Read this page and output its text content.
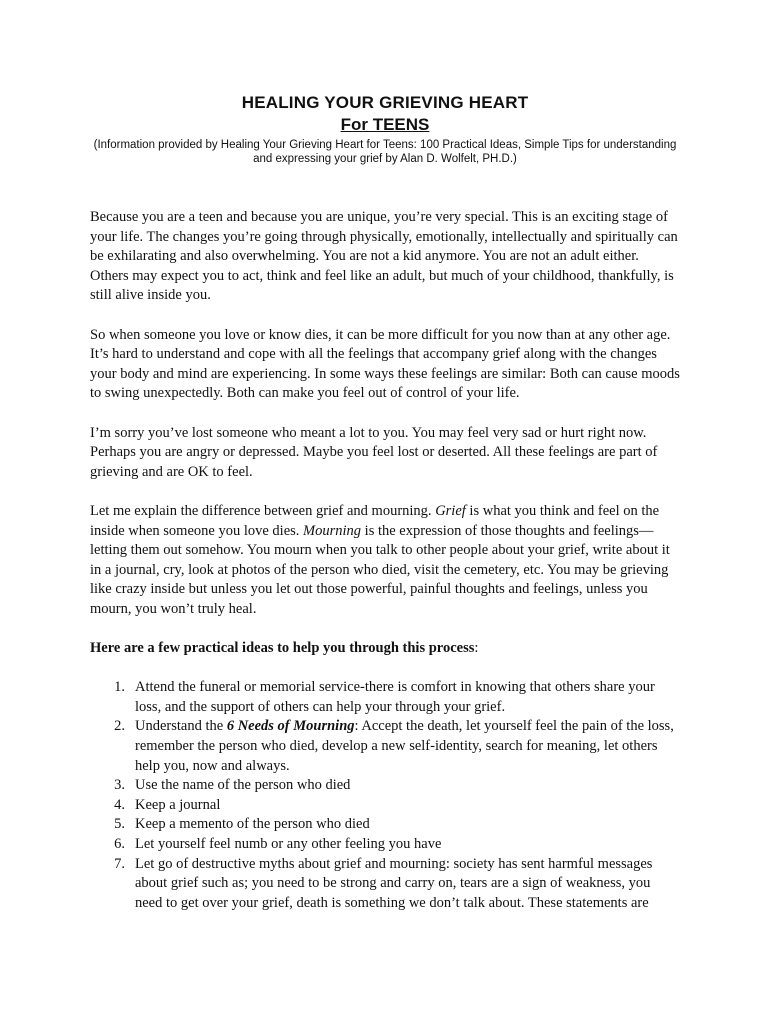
HEALING YOUR GRIEVING HEART
For TEENS

(Information provided by Healing Your Grieving Heart for Teens: 100 Practical Ideas, Simple Tips for understanding and expressing your grief by Alan D. Wolfelt, PH.D.)

Because you are a teen and because you are unique, you’re very special. This is an exciting stage of your life. The changes you’re going through physically, emotionally, intellectually and spiritually can be exhilarating and also overwhelming. You are not a kid anymore. You are not an adult either. Others may expect you to act, think and feel like an adult, but much of your childhood, thankfully, is still alive inside you.

So when someone you love or know dies, it can be more difficult for you now than at any other age. It’s hard to understand and cope with all the feelings that accompany grief along with the changes your body and mind are experiencing. In some ways these feelings are similar: Both can cause moods to swing unexpectedly. Both can make you feel out of control of your life.

I’m sorry you’ve lost someone who meant a lot to you. You may feel very sad or hurt right now. Perhaps you are angry or depressed. Maybe you feel lost or deserted. All these feelings are part of grieving and are OK to feel.

Let me explain the difference between grief and mourning. Grief is what you think and feel on the inside when someone you love dies. Mourning is the expression of those thoughts and feelings—letting them out somehow. You mourn when you talk to other people about your grief, write about it in a journal, cry, look at photos of the person who died, visit the cemetery, etc. You may be grieving like crazy inside but unless you let out those powerful, painful thoughts and feelings, unless you mourn, you won’t truly heal.

Here are a few practical ideas to help you through this process:

1. Attend the funeral or memorial service-there is comfort in knowing that others share your loss, and the support of others can help your through your grief.
2. Understand the 6 Needs of Mourning: Accept the death, let yourself feel the pain of the loss, remember the person who died, develop a new self-identity, search for meaning, let others help you, now and always.
3. Use the name of the person who died
4. Keep a journal
5. Keep a memento of the person who died
6. Let yourself feel numb or any other feeling you have
7. Let go of destructive myths about grief and mourning: society has sent harmful messages about grief such as; you need to be strong and carry on, tears are a sign of weakness, you need to get over your grief, death is something we don’t talk about. These statements are
